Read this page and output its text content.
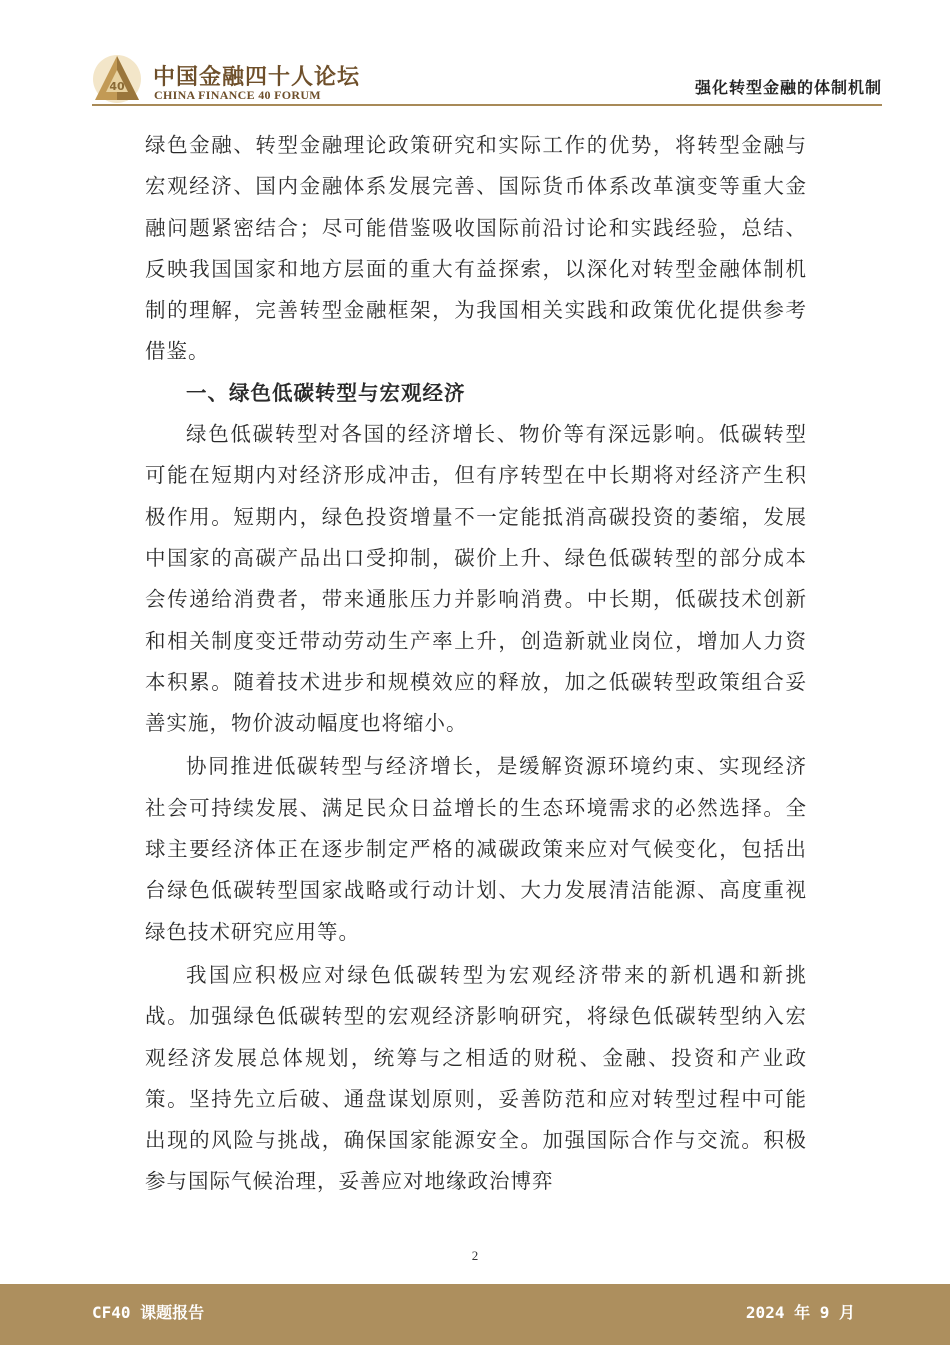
40 中国金融四十人论坛
CHINA FINANCE 40 FORUM	强化转型金融的体制机制

绿色金融、转型金融理论政策研究和实际工作的优势，将转型金融与宏观经济、国内金融体系发展完善、国际货币体系改革演变等重大金融问题紧密结合；尽可能借鉴吸收国际前沿讨论和实践经验，总结、反映我国国家和地方层面的重大有益探索，以深化对转型金融体制机制的理解，完善转型金融框架，为我国相关实践和政策优化提供参考借鉴。

一、绿色低碳转型与宏观经济

绿色低碳转型对各国的经济增长、物价等有深远影响。低碳转型可能在短期内对经济形成冲击，但有序转型在中长期将对经济产生积极作用。短期内，绿色投资增量不一定能抵消高碳投资的萎缩，发展中国家的高碳产品出口受抑制，碳价上升、绿色低碳转型的部分成本会传递给消费者，带来通胀压力并影响消费。中长期，低碳技术创新和相关制度变迁带动劳动生产率上升，创造新就业岗位，增加人力资本积累。随着技术进步和规模效应的释放，加之低碳转型政策组合妥善实施，物价波动幅度也将缩小。

协同推进低碳转型与经济增长，是缓解资源环境约束、实现经济社会可持续发展、满足民众日益增长的生态环境需求的必然选择。全球主要经济体正在逐步制定严格的减碳政策来应对气候变化，包括出台绿色低碳转型国家战略或行动计划、大力发展清洁能源、高度重视绿色技术研究应用等。

我国应积极应对绿色低碳转型为宏观经济带来的新机遇和新挑战。加强绿色低碳转型的宏观经济影响研究，将绿色低碳转型纳入宏观经济发展总体规划，统筹与之相适的财税、金融、投资和产业政策。坚持先立后破、通盘谋划原则，妥善防范和应对转型过程中可能出现的风险与挑战，确保国家能源安全。加强国际合作与交流。积极参与国际气候治理，妥善应对地缘政治博弈

2
CF40 课题报告	2024 年 9 月
